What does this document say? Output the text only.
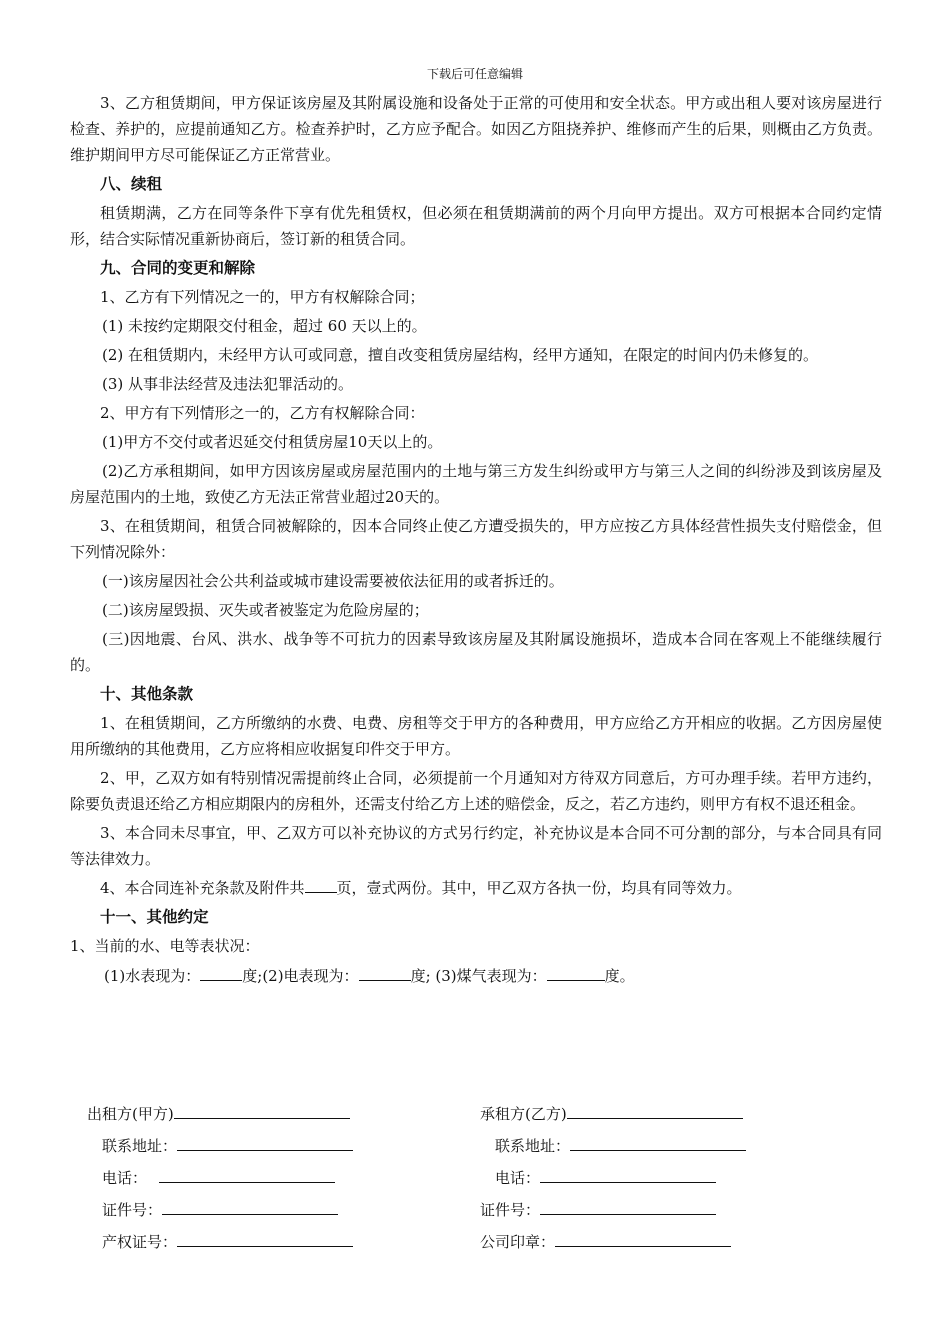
下载后可任意编辑

3、乙方租赁期间，甲方保证该房屋及其附属设施和设备处于正常的可使用和安全状态。甲方或出租人要对该房屋进行检查、养护的，应提前通知乙方。检查养护时，乙方应予配合。如因乙方阻挠养护、维修而产生的后果，则概由乙方负责。维护期间甲方尽可能保证乙方正常营业。

八、续租

租赁期满，乙方在同等条件下享有优先租赁权，但必须在租赁期满前的两个月向甲方提出。双方可根据本合同约定情形，结合实际情况重新协商后，签订新的租赁合同。

九、合同的变更和解除

1、乙方有下列情况之一的，甲方有权解除合同；

(1) 未按约定期限交付租金，超过 60 天以上的。

(2) 在租赁期内，未经甲方认可或同意，擅自改变租赁房屋结构，经甲方通知，在限定的时间内仍未修复的。

(3) 从事非法经营及违法犯罪活动的。

2、甲方有下列情形之一的，乙方有权解除合同：

(1)甲方不交付或者迟延交付租赁房屋10天以上的。

(2)乙方承租期间，如甲方因该房屋或房屋范围内的土地与第三方发生纠纷或甲方与第三人之间的纠纷涉及到该房屋及房屋范围内的土地，致使乙方无法正常营业超过20天的。

3、在租赁期间，租赁合同被解除的，因本合同终止使乙方遭受损失的，甲方应按乙方具体经营性损失支付赔偿金，但下列情况除外：

(一)该房屋因社会公共利益或城市建设需要被依法征用的或者拆迁的。

(二)该房屋毁损、灭失或者被鉴定为危险房屋的；

(三)因地震、台风、洪水、战争等不可抗力的因素导致该房屋及其附属设施损坏，造成本合同在客观上不能继续履行的。

十、其他条款

1、在租赁期间，乙方所缴纳的水费、电费、房租等交于甲方的各种费用，甲方应给乙方开相应的收据。乙方因房屋使用所缴纳的其他费用，乙方应将相应收据复印件交于甲方。

2、甲，乙双方如有特别情况需提前终止合同，必须提前一个月通知对方待双方同意后，方可办理手续。若甲方违约，除要负责退还给乙方相应期限内的房租外，还需支付给乙方上述的赔偿金，反之，若乙方违约，则甲方有权不退还租金。

3、本合同未尽事宜，甲、乙双方可以补充协议的方式另行约定，补充协议是本合同不可分割的部分，与本合同具有同等法律效力。

4、本合同连补充条款及附件共 页，壹式两份。其中，甲乙双方各执一份，均具有同等效力。

十一、其他约定

1、当前的水、电等表状况：

(1)水表现为：	度;(2)电表现为：	度; (3)煤气表现为：	度。
出租方(甲方)	承租方(乙方)
联系地址：	联系地址：
电话：	电话：
证件号：	证件号：
产权证号：	公司印章：
